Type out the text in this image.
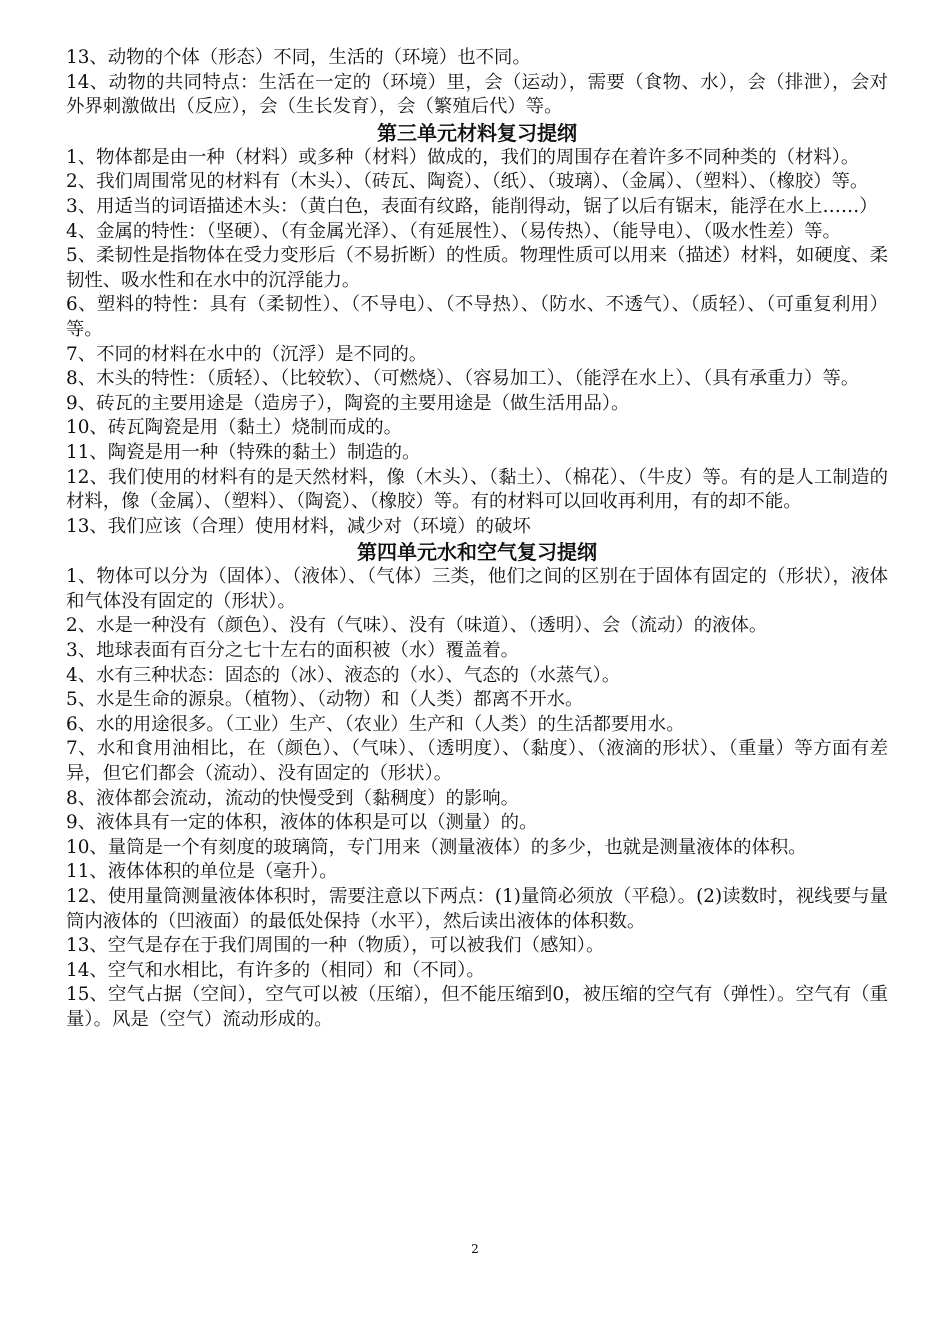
13、动物的个体（形态）不同，生活的（环境）也不同。

14、动物的共同特点：生活在一定的（环境）里，会（运动），需要（食物、水），会（排泄），会对外界刺激做出（反应），会（生长发育），会（繁殖后代）等。

第三单元材料复习提纲

1、物体都是由一种（材料）或多种（材料）做成的，我们的周围存在着许多不同种类的（材料）。

2、我们周围常见的材料有（木头）、（砖瓦、陶瓷）、（纸）、（玻璃）、（金属）、（塑料）、（橡胶）等。

3、用适当的词语描述木头：（黄白色，表面有纹路，能削得动，锯了以后有锯末，能浮在水上……）

4、金属的特性：（坚硬）、（有金属光泽）、（有延展性）、（易传热）、（能导电）、（吸水性差）等。

5、柔韧性是指物体在受力变形后（不易折断）的性质。物理性质可以用来（描述）材料，如硬度、柔韧性、吸水性和在水中的沉浮能力。

6、塑料的特性：具有（柔韧性）、（不导电）、（不导热）、（防水、不透气）、（质轻）、（可重复利用）等。

7、不同的材料在水中的（沉浮）是不同的。

8、木头的特性：（质轻）、（比较软）、（可燃烧）、（容易加工）、（能浮在水上）、（具有承重力）等。

9、砖瓦的主要用途是（造房子），陶瓷的主要用途是（做生活用品）。

10、砖瓦陶瓷是用（黏土）烧制而成的。

11、陶瓷是用一种（特殊的黏土）制造的。

12、我们使用的材料有的是天然材料，像（木头）、（黏土）、（棉花）、（牛皮）等。有的是人工制造的材料，像（金属）、（塑料）、（陶瓷）、（橡胶）等。有的材料可以回收再利用，有的却不能。

13、我们应该（合理）使用材料，减少对（环境）的破坏

第四单元水和空气复习提纲

1、物体可以分为（固体）、（液体）、（气体）三类，他们之间的区别在于固体有固定的（形状），液体和气体没有固定的（形状）。

2、水是一种没有（颜色）、没有（气味）、没有（味道）、（透明）、会（流动）的液体。

3、地球表面有百分之七十左右的面积被（水）覆盖着。

4、水有三种状态：固态的（冰）、液态的（水）、气态的（水蒸气）。

5、水是生命的源泉。（植物）、（动物）和（人类）都离不开水。

6、水的用途很多。（工业）生产、（农业）生产和（人类）的生活都要用水。

7、水和食用油相比，在（颜色）、（气味）、（透明度）、（黏度）、（液滴的形状）、（重量）等方面有差异，但它们都会（流动）、没有固定的（形状）。

8、液体都会流动，流动的快慢受到（黏稠度）的影响。

9、液体具有一定的体积，液体的体积是可以（测量）的。

10、量筒是一个有刻度的玻璃筒，专门用来（测量液体）的多少，也就是测量液体的体积。

11、液体体积的单位是（毫升）。

12、使用量筒测量液体体积时，需要注意以下两点：(1)量筒必须放（平稳）。(2)读数时，视线要与量筒内液体的（凹液面）的最低处保持（水平），然后读出液体的体积数。

13、空气是存在于我们周围的一种（物质），可以被我们（感知）。

14、空气和水相比，有许多的（相同）和（不同）。

15、空气占据（空间），空气可以被（压缩），但不能压缩到0，被压缩的空气有（弹性）。空气有（重量）。风是（空气）流动形成的。

2
